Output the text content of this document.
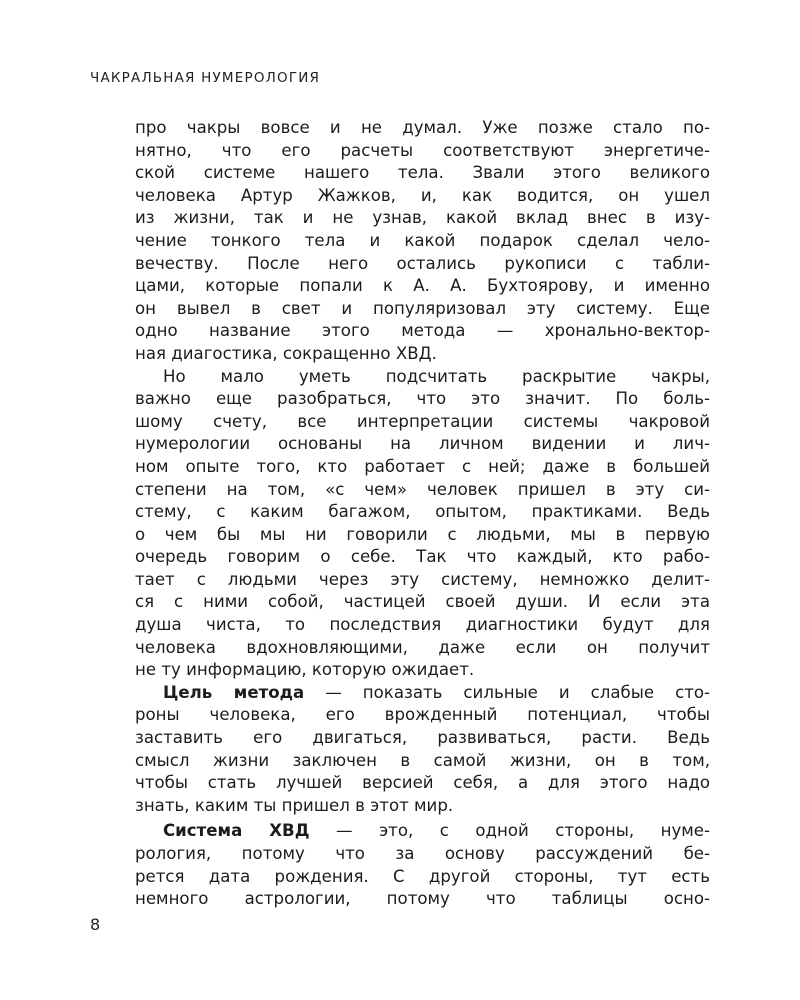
ЧАКРАЛЬНАЯ НУМЕРОЛОГИЯ
про чакры вовсе и не думал. Уже позже стало по-
нятно, что его расчеты соответствуют энергетиче-
ской системе нашего тела. Звали этого великого
человека Артур Жажков, и, как водится, он ушел
из жизни, так и не узнав, какой вклад внес в изу-
чение тонкого тела и какой подарок сделал чело-
вечеству. После него остались рукописи с табли-
цами, которые попали к А. А. Бухтоярову, и именно
он вывел в свет и популяризовал эту систему. Еще
одно название этого метода — хронально-вектор-
ная диагостика, сокращенно ХВД.
Но мало уметь подсчитать раскрытие чакры,
важно еще разобраться, что это значит. По боль-
шому счету, все интерпретации системы чакровой
нумерологии основаны на личном видении и лич-
ном опыте того, кто работает с ней; даже в большей
степени на том, «с чем» человек пришел в эту си-
стему, с каким багажом, опытом, практиками. Ведь
о чем бы мы ни говорили с людьми, мы в первую
очередь говорим о себе. Так что каждый, кто рабо-
тает с людьми через эту систему, немножко делит-
ся с ними собой, частицей своей души. И если эта
душа чиста, то последствия диагностики будут для
человека вдохновляющими, даже если он получит
не ту информацию, которую ожидает.
Цель метода — показать сильные и слабые сто-
роны человека, его врожденный потенциал, чтобы
заставить его двигаться, развиваться, расти. Ведь
смысл жизни заключен в самой жизни, он в том,
чтобы стать лучшей версией себя, а для этого надо
знать, каким ты пришел в этот мир.
Система ХВД — это, с одной стороны, нуме-
рология, потому что за основу рассуждений бе-
рется дата рождения. С другой стороны, тут есть
немного астрологии, потому что таблицы осно-
8
